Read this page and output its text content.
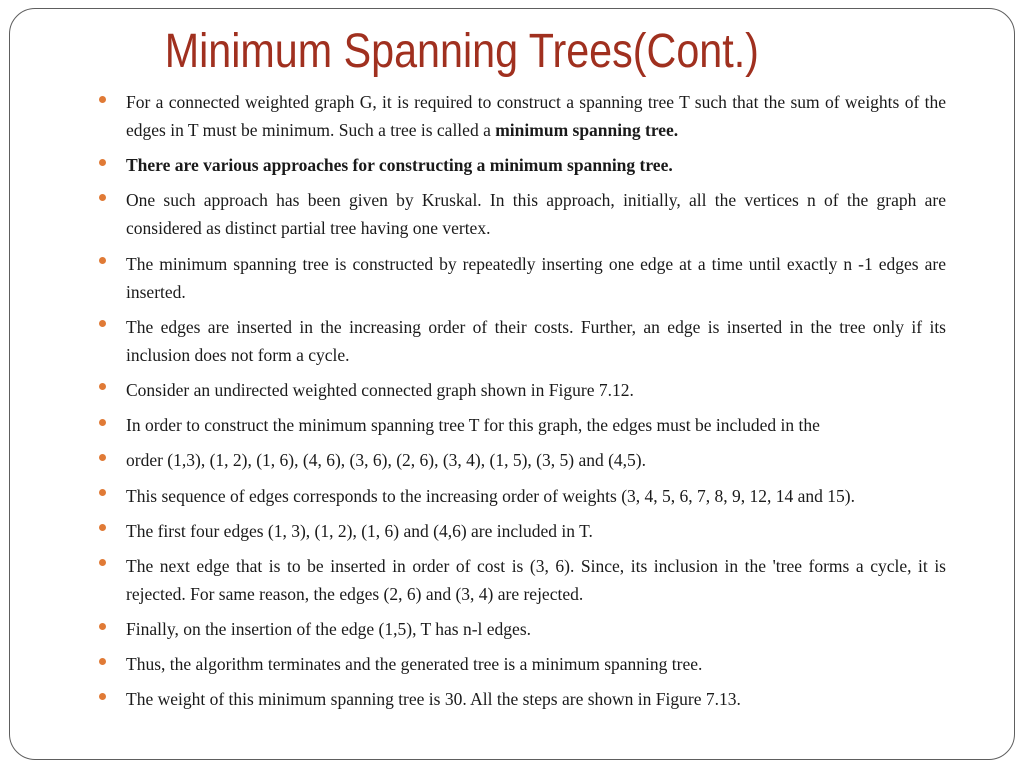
Minimum Spanning Trees(Cont.)
For a connected weighted graph G, it is required to construct a spanning tree T such that the sum of weights of the edges in T must be minimum. Such a tree is called a minimum spanning tree.
There are various approaches for constructing a minimum spanning tree.
One such approach has been given by Kruskal. In this approach, initially, all the vertices n of the graph are considered as distinct partial tree having one vertex.
The minimum spanning tree is constructed by repeatedly inserting one edge at a time until exactly n -1 edges are inserted.
The edges are inserted in the increasing order of their costs. Further, an edge is inserted in the tree only if its inclusion does not form a cycle.
Consider an undirected weighted connected graph shown in Figure 7.12.
In order to construct the minimum spanning tree T for this graph, the edges must be included in the
order (1,3), (1, 2), (1, 6), (4, 6), (3, 6), (2, 6), (3, 4), (1, 5), (3, 5) and (4,5).
This sequence of edges corresponds to the increasing order of weights (3, 4, 5, 6, 7, 8, 9, 12, 14 and 15).
The first four edges (1, 3), (1, 2), (1, 6) and (4,6) are included in T.
The next edge that is to be inserted in order of cost is (3, 6). Since, its inclusion in the 'tree forms a cycle, it is rejected. For same reason, the edges (2, 6) and (3, 4) are rejected.
Finally, on the insertion of the edge (1,5), T has n-l edges.
Thus, the algorithm terminates and the generated tree is a minimum spanning tree.
The weight of this minimum spanning tree is 30. All the steps are shown in Figure 7.13.
